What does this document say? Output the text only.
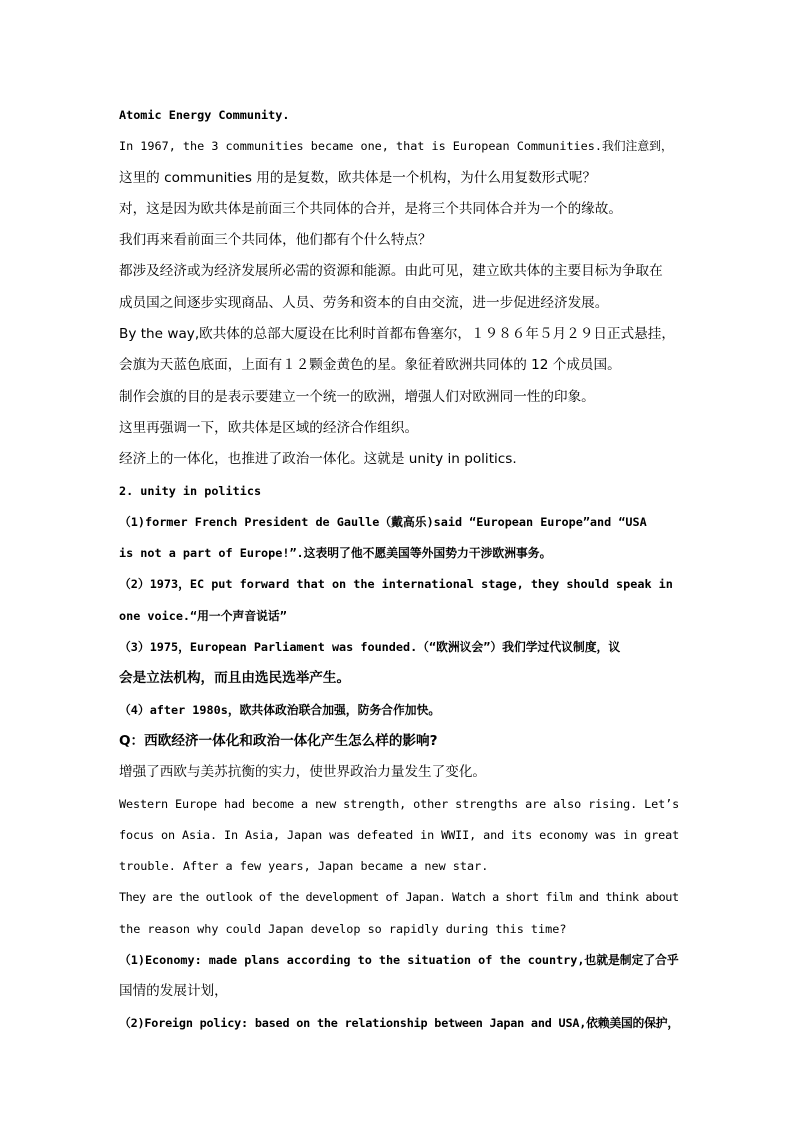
Atomic Energy Community.
In 1967, the 3 communities became one, that is European Communities.我们注意到，
这里的 communities 用的是复数，欧共体是一个机构，为什么用复数形式呢？
对，这是因为欧共体是前面三个共同体的合并，是将三个共同体合并为一个的缘故。
我们再来看前面三个共同体，他们都有个什么特点？
都涉及经济或为经济发展所必需的资源和能源。由此可见，建立欧共体的主要目标为争取在
成员国之间逐步实现商品、人员、劳务和资本的自由交流，进一步促进经济发展。
By the way,欧共体的总部大厦设在比利时首都布鲁塞尔，１９８６年５月２９日正式悬挂，
会旗为天蓝色底面，上面有１２颗金黄色的星。象征着欧洲共同体的 12 个成员国。
制作会旗的目的是表示要建立一个统一的欧洲，增强人们对欧洲同一性的印象。
这里再强调一下，欧共体是区域的经济合作组织。
经济上的一体化，也推进了政治一体化。这就是 unity in politics.
2. unity in politics
（1)former French President de Gaulle（戴高乐)said “European Europe”and “USA
is not a part of Europe!”.这表明了他不愿美国等外国势力干涉欧洲事务。
（2）1973，EC put forward that on the international stage, they should speak in
one voice.“用一个声音说话”
（3）1975，European Parliament was founded.（“欧洲议会”）我们学过代议制度，议
会是立法机构，而且由选民选举产生。
（4）after 1980s，欧共体政治联合加强，防务合作加快。
Q：西欧经济一体化和政治一体化产生怎么样的影响?
增强了西欧与美苏抗衡的实力，使世界政治力量发生了变化。
Western Europe had become a new strength, other strengths are also rising. Let’s
focus on Asia. In Asia, Japan was defeated in WWII, and its economy was in great
trouble. After a few years, Japan became a new star.
They are the outlook of the development of Japan. Watch a short film and think about
the reason why could Japan develop so rapidly during this time?
（1)Economy: made plans according to the situation of the country,也就是制定了合乎
国情的发展计划，
（2)Foreign policy: based on the relationship between Japan and USA,依赖美国的保护，
